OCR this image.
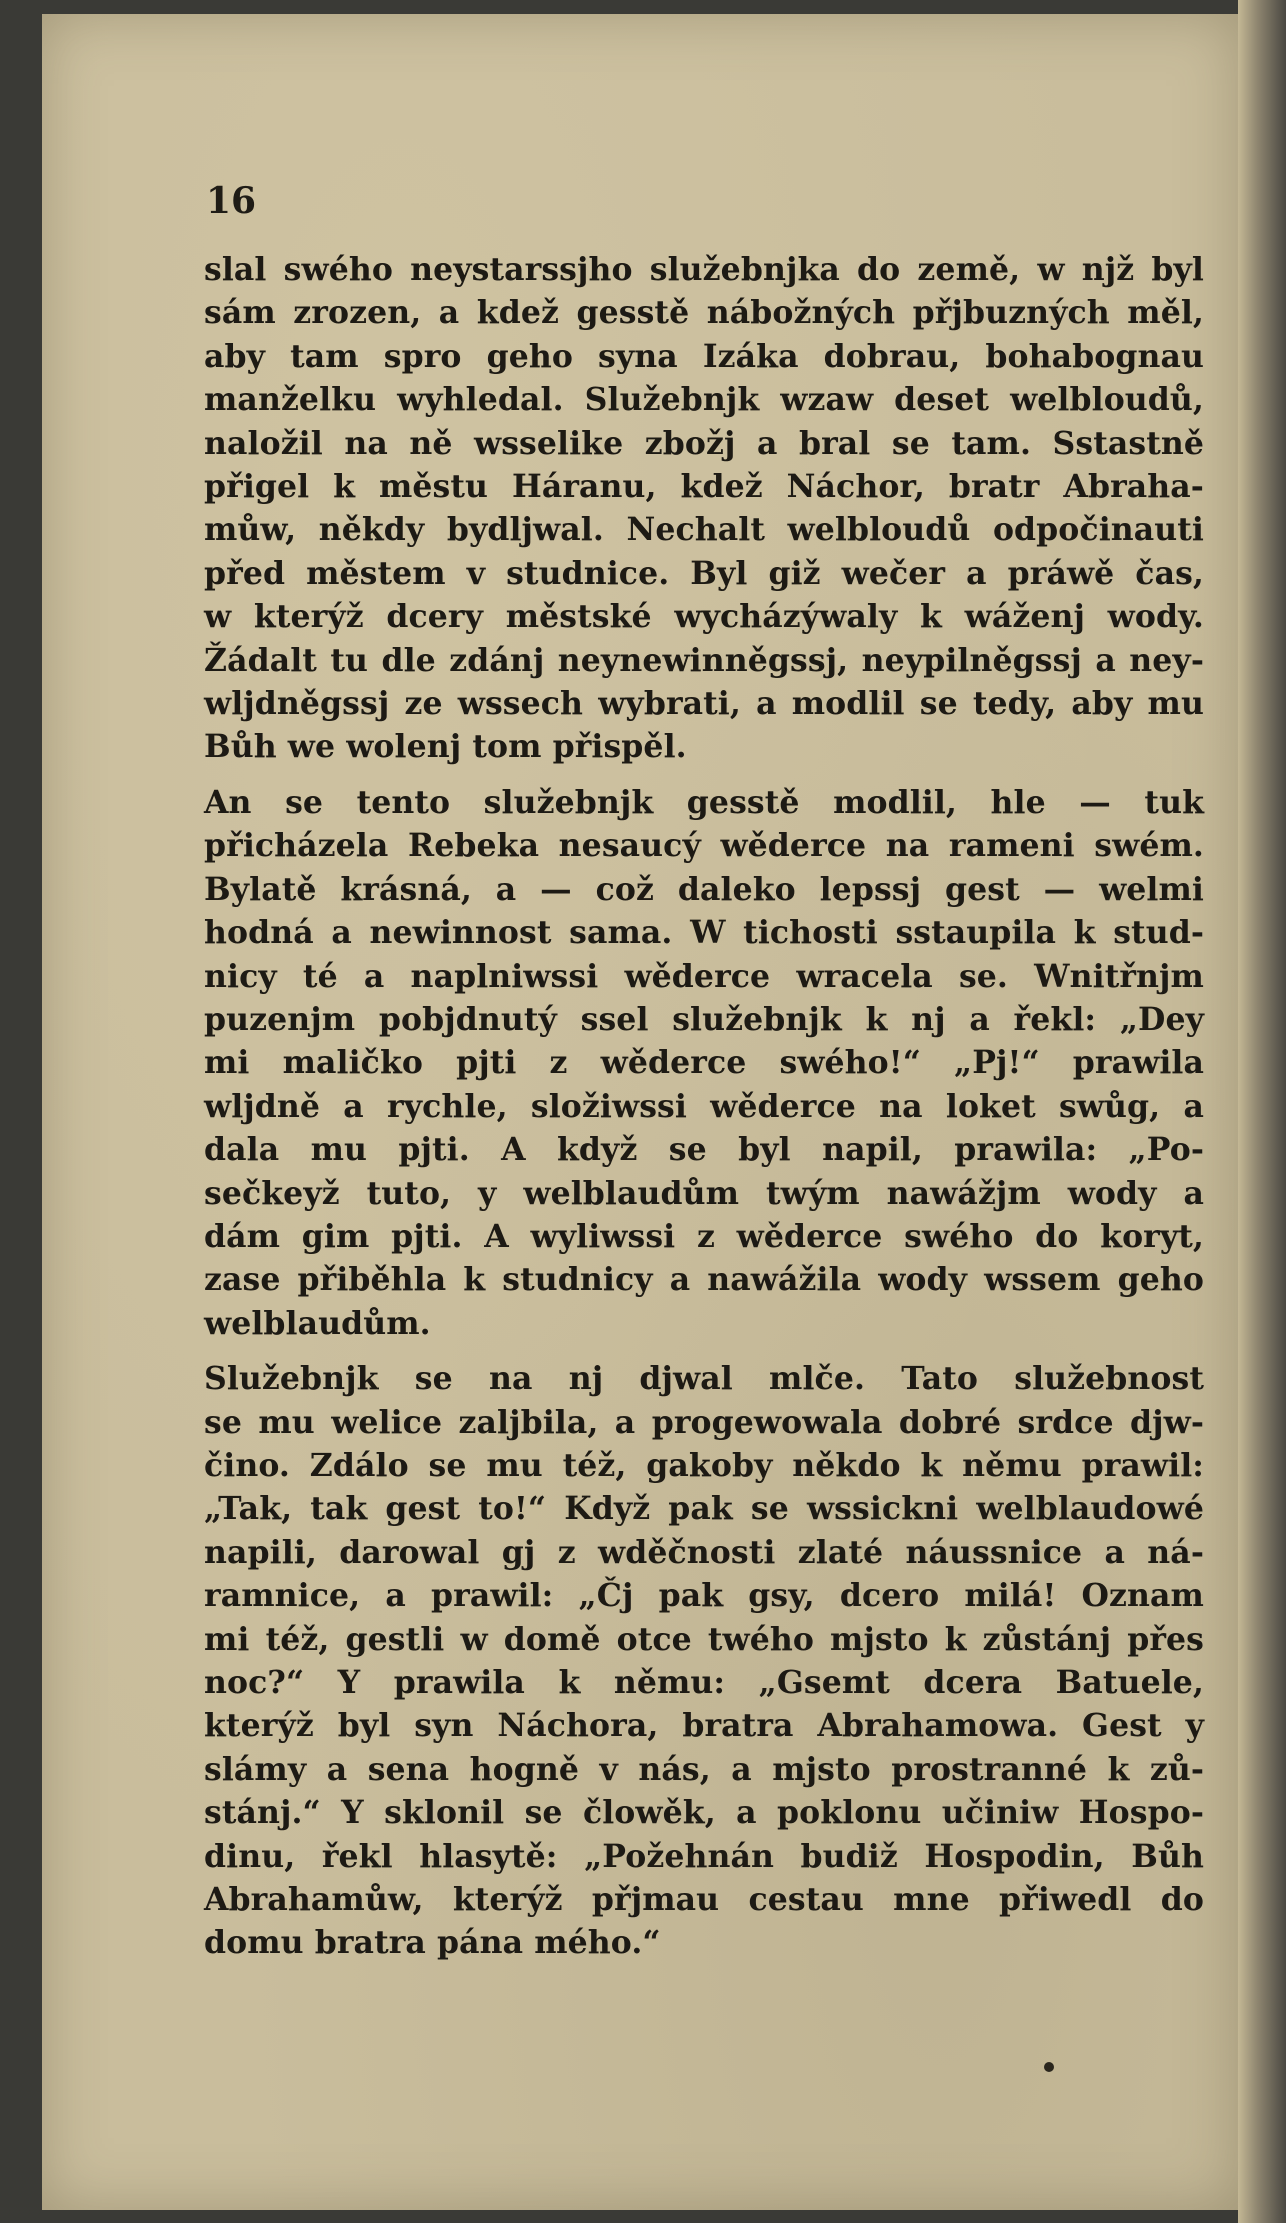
16
slal swého neystarssjho služebnjka do země, w njž byl
sám zrozen, a kdež gesstě nábožných přjbuzných měl,
aby tam spro geho syna Izáka dobrau, bohabognau
manželku wyhledal. Služebnjk wzaw deset welbloudů,
naložil na ně wsselike zbožj a bral se tam. Sstastně
přigel k městu Háranu, kdež Náchor, bratr Abraha-
můw, někdy bydljwal. Nechalt welbloudů odpočinauti
před městem v studnice. Byl giž wečer a práwě čas,
w kterýž dcery městské wycházýwaly k wáženj wody.
Žádalt tu dle zdánj neynewinněgssj, neypilněgssj a ney-
wljdněgssj ze wssech wybrati, a modlil se tedy, aby mu
Bůh we wolenj tom přispěl.
An se tento služebnjk gesstě modlil, hle — tuk
přicházela Rebeka nesaucý wěderce na rameni swém.
Bylatě krásná, a — což daleko lepssj gest — welmi
hodná a newinnost sama. W tichosti sstaupila k stud-
nicy té a naplniwssi wěderce wracela se. Wnitřnjm
puzenjm pobjdnutý ssel služebnjk k nj a řekl: „Dey
mi maličko pjti z wěderce swého!“ „Pj!“ prawila
wljdně a rychle, složiwssi wěderce na loket swůg, a
dala mu pjti. A když se byl napil, prawila: „Po-
sečkeyž tuto, y welblaudům twým nawážjm wody a
dám gim pjti. A wyliwssi z wěderce swého do koryt,
zase přiběhla k studnicy a nawážila wody wssem geho
welblaudům.
Služebnjk se na nj djwal mlče. Tato služebnost
se mu welice zaljbila, a progewowala dobré srdce djw-
čino. Zdálo se mu též, gakoby někdo k němu prawil:
„Tak, tak gest to!“ Když pak se wssickni welblaudowé
napili, darowal gj z wděčnosti zlaté náussnice a ná-
ramnice, a prawil: „Čj pak gsy, dcero milá! Oznam
mi též, gestli w domě otce twého mjsto k zůstánj přes
noc?“ Y prawila k němu: „Gsemt dcera Batuele,
kterýž byl syn Náchora, bratra Abrahamowa. Gest y
slámy a sena hogně v nás, a mjsto prostranné k zů-
stánj.“ Y sklonil se člowěk, a poklonu učiniw Hospo-
dinu, řekl hlasytě: „Požehnán budiž Hospodin, Bůh
Abrahamůw, kterýž přjmau cestau mne přiwedl do
domu bratra pána mého.“
